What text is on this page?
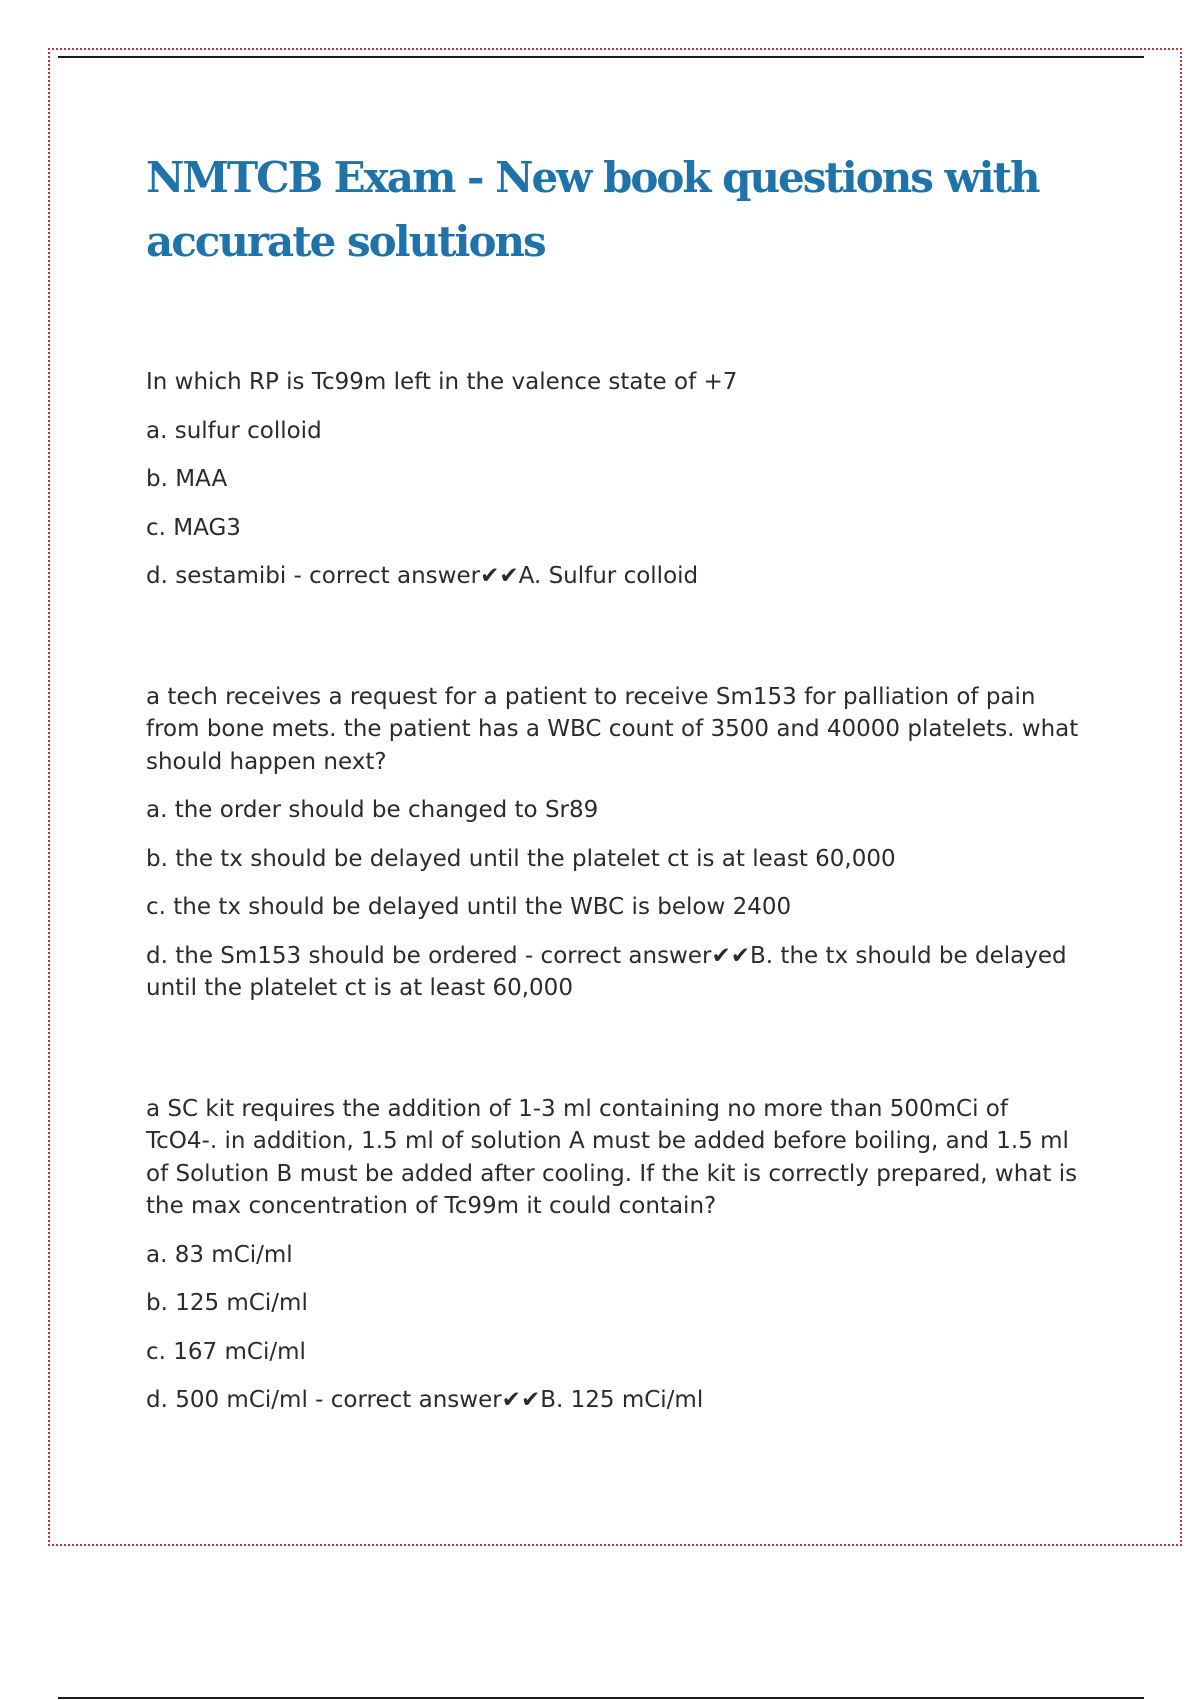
NMTCB Exam - New book questions with accurate solutions

In which RP is Tc99m left in the valence state of +7

a. sulfur colloid
b. MAA
c. MAG3
d. sestamibi - correct answer✔✔A. Sulfur colloid

a tech receives a request for a patient to receive Sm153 for palliation of pain from bone mets. the patient has a WBC count of 3500 and 40000 platelets. what should happen next?

a. the order should be changed to Sr89
b. the tx should be delayed until the platelet ct is at least 60,000
c. the tx should be delayed until the WBC is below 2400
d. the Sm153 should be ordered - correct answer✔✔B. the tx should be delayed until the platelet ct is at least 60,000

a SC kit requires the addition of 1-3 ml containing no more than 500mCi of TcO4-. in addition, 1.5 ml of solution A must be added before boiling, and 1.5 ml of Solution B must be added after cooling. If the kit is correctly prepared, what is the max concentration of Tc99m it could contain?

a. 83 mCi/ml
b. 125 mCi/ml
c. 167 mCi/ml
d. 500 mCi/ml - correct answer✔✔B. 125 mCi/ml
